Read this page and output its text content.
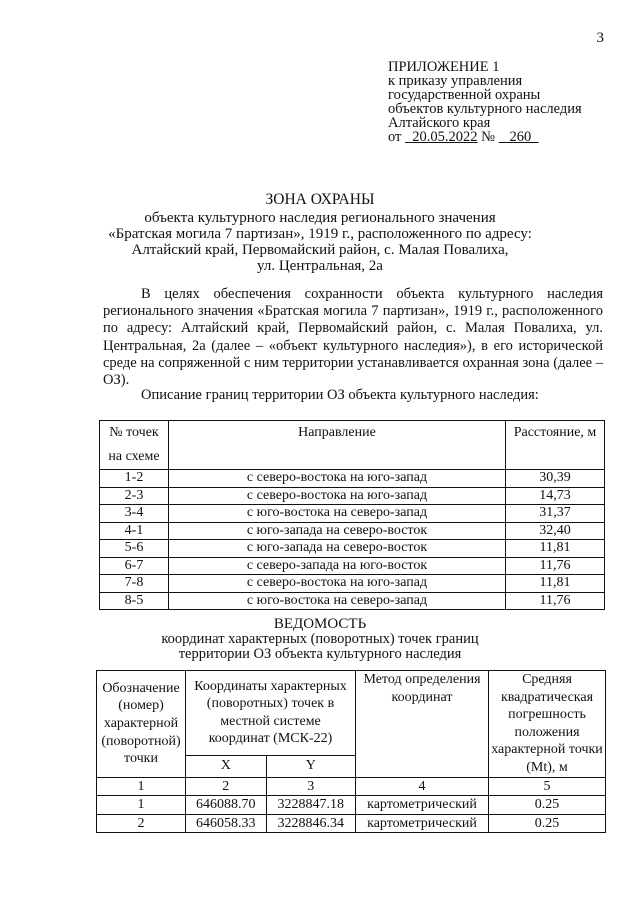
3
ПРИЛОЖЕНИЕ 1
к приказу управления
государственной охраны
объектов культурного наследия
Алтайского края
от 20.05.2022 № 260
ЗОНА ОХРАНЫ
объекта культурного наследия регионального значения
«Братская могила 7 партизан», 1919 г., расположенного по адресу:
Алтайский край, Первомайский район, с. Малая Повалиха,
ул. Центральная, 2а
В целях обеспечения сохранности объекта культурного наследия регионального значения «Братская могила 7 партизан», 1919 г., расположенного по адресу: Алтайский край, Первомайский район, с. Малая Повалиха, ул. Центральная, 2а (далее – «объект культурного наследия»), в его исторической среде на сопряженной с ним территории устанавливается охранная зона (далее – ОЗ).
Описание границ территории ОЗ объекта культурного наследия:
№ точек на схеме	Направление	Расстояние, м
1-2	с северо-востока на юго-запад	30,39
2-3	с северо-востока на юго-запад	14,73
3-4	с юго-востока на северо-запад	31,37
4-1	с юго-запада на северо-восток	32,40
5-6	с юго-запада на северо-восток	11,81
6-7	с северо-запада на юго-восток	11,76
7-8	с северо-востока на юго-запад	11,81
8-5	с юго-востока на северо-запад	11,76
ВЕДОМОСТЬ
координат характерных (поворотных) точек границ
территории ОЗ объекта культурного наследия
Обозначение (номер) характерной (поворотной) точки	Координаты характерных (поворотных) точек в местной системе координат (МСК-22)		Метод определения координат	Средняя квадратическая погрешность положения характерной точки (Mt), м
	X	Y		
1	2	3	4	5
1	646088.70	3228847.18	картометрический	0.25
2	646058.33	3228846.34	картометрический	0.25
